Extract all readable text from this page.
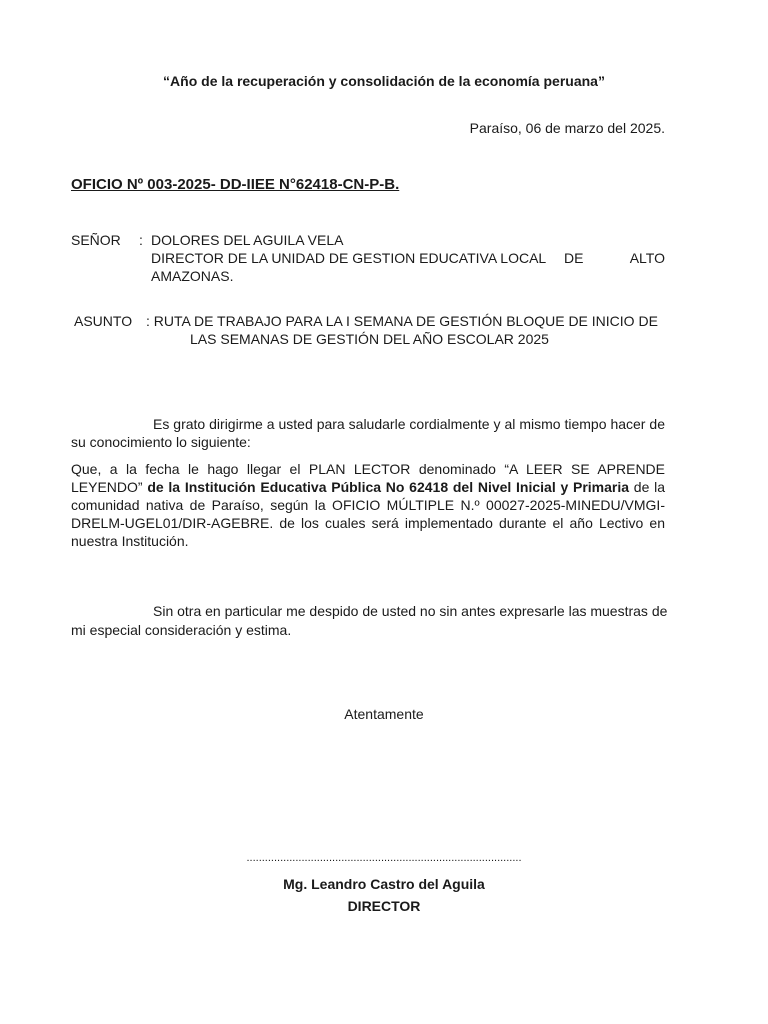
“Año de la recuperación y consolidación de la economía peruana”
Paraíso, 06 de marzo del 2025.
OFICIO Nº 003-2025- DD-IIEE N°62418-CN-P-B.
SEÑOR : DOLORES DEL AGUILA VELA
DIRECTOR DE LA UNIDAD DE GESTION EDUCATIVA LOCAL DE	ALTO
AMAZONAS.
ASUNTO : RUTA DE TRABAJO PARA LA I SEMANA DE GESTIÓN BLOQUE DE INICIO DE
LAS SEMANAS DE GESTIÓN DEL AÑO ESCOLAR 2025
Es grato dirigirme a usted para saludarle cordialmente y al mismo tiempo hacer de
su conocimiento lo siguiente:
Que, a la fecha le hago llegar el PLAN LECTOR denominado “A LEER SE APRENDE
LEYENDO” de la Institución Educativa Pública No 62418 del Nivel Inicial y Primaria de la
comunidad nativa de Paraíso, según la OFICIO MÚLTIPLE N.º 00027-2025-MINEDU/VMGI-
DRELM-UGEL01/DIR-AGEBRE. de los cuales será implementado durante el año Lectivo en
nuestra Institución.
Sin otra en particular me despido de usted no sin antes expresarle las muestras de
mi especial consideración y estima.
Atentamente
..........................................................................................
Mg. Leandro Castro del Aguila
DIRECTOR
